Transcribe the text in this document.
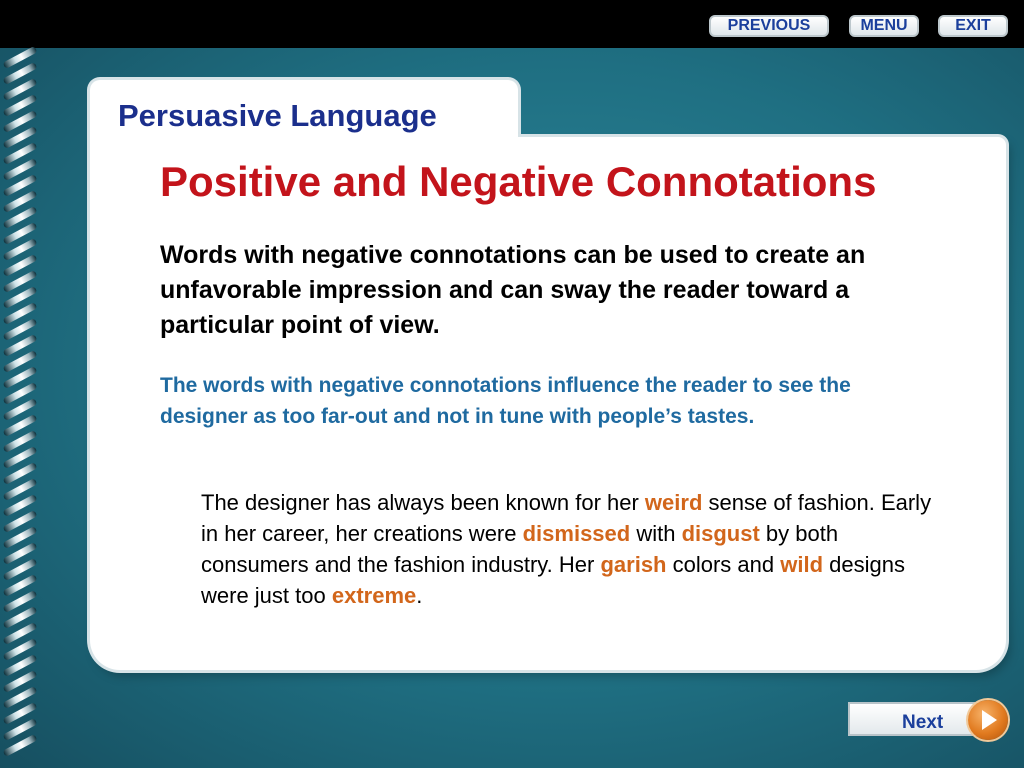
PREVIOUS	MENU	EXIT
Persuasive Language
Positive and Negative Connotations
Words with negative connotations can be used to create an unfavorable impression and can sway the reader toward a particular point of view.
The words with negative connotations influence the reader to see the designer as too far-out and not in tune with people’s tastes.
The designer has always been known for her weird sense of fashion. Early in her career, her creations were dismissed with disgust by both consumers and the fashion industry. Her garish colors and wild designs were just too extreme.
Next
